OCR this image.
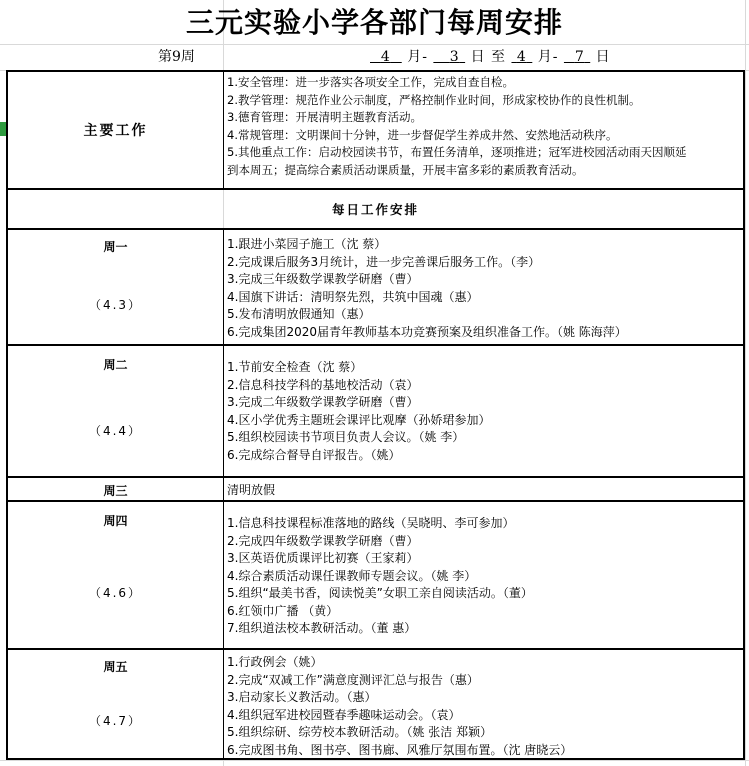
三元实验小学各部门每周安排
第9周	4 月- 3 日 至 4 月- 7 日
主要工作
1.安全管理：进一步落实各项安全工作，完成自查自检。
2.教学管理：规范作业公示制度，严格控制作业时间，形成家校协作的良性机制。
3.德育管理：开展清明主题教育活动。
4.常规管理：文明课间十分钟，进一步督促学生养成井然、安然地活动秩序。
5.其他重点工作：启动校园读书节，布置任务清单，逐项推进；冠军进校园活动雨天因顺延
到本周五；提高综合素质活动课质量，开展丰富多彩的素质教育活动。
每日工作安排
周一
（4.3）
1.跟进小菜园子施工（沈 蔡）
2.完成课后服务3月统计，进一步完善课后服务工作。（李）
3.完成三年级数学课教学研磨（曹）
4.国旗下讲话：清明祭先烈，共筑中国魂（惠）
5.发布清明放假通知（惠）
6.完成集团2020届青年教师基本功竞赛预案及组织准备工作。（姚 陈海萍）
周二
（4.4）
1.节前安全检查（沈 蔡）
2.信息科技学科的基地校活动（袁）
3.完成二年级数学课教学研磨（曹）
4.区小学优秀主题班会课评比观摩（孙娇珺参加）
5.组织校园读书节项目负责人会议。（姚 李）
6.完成综合督导自评报告。（姚）
周三	清明放假
周四
（4.6）
1.信息科技课程标准落地的路线（吴晓明、李可参加）
2.完成四年级数学课教学研磨（曹）
3.区英语优质课评比初赛（王家莉）
4.综合素质活动课任课教师专题会议。（姚 李）
5.组织“最美书香，阅读悦美”女职工亲自阅读活动。（董）
6.红领巾广播 （黄）
7.组织道法校本教研活动。（董 惠）
周五
（4.7）
1.行政例会（姚）
2.完成“双减工作”满意度测评汇总与报告（惠）
3.启动家长义教活动。（惠）
4.组织冠军进校园暨春季趣味运动会。（袁）
5.组织综研、综劳校本教研活动。（姚 张洁 郑颖）
6.完成图书角、图书亭、图书廊、风雅厅氛围布置。（沈 唐晓云）
